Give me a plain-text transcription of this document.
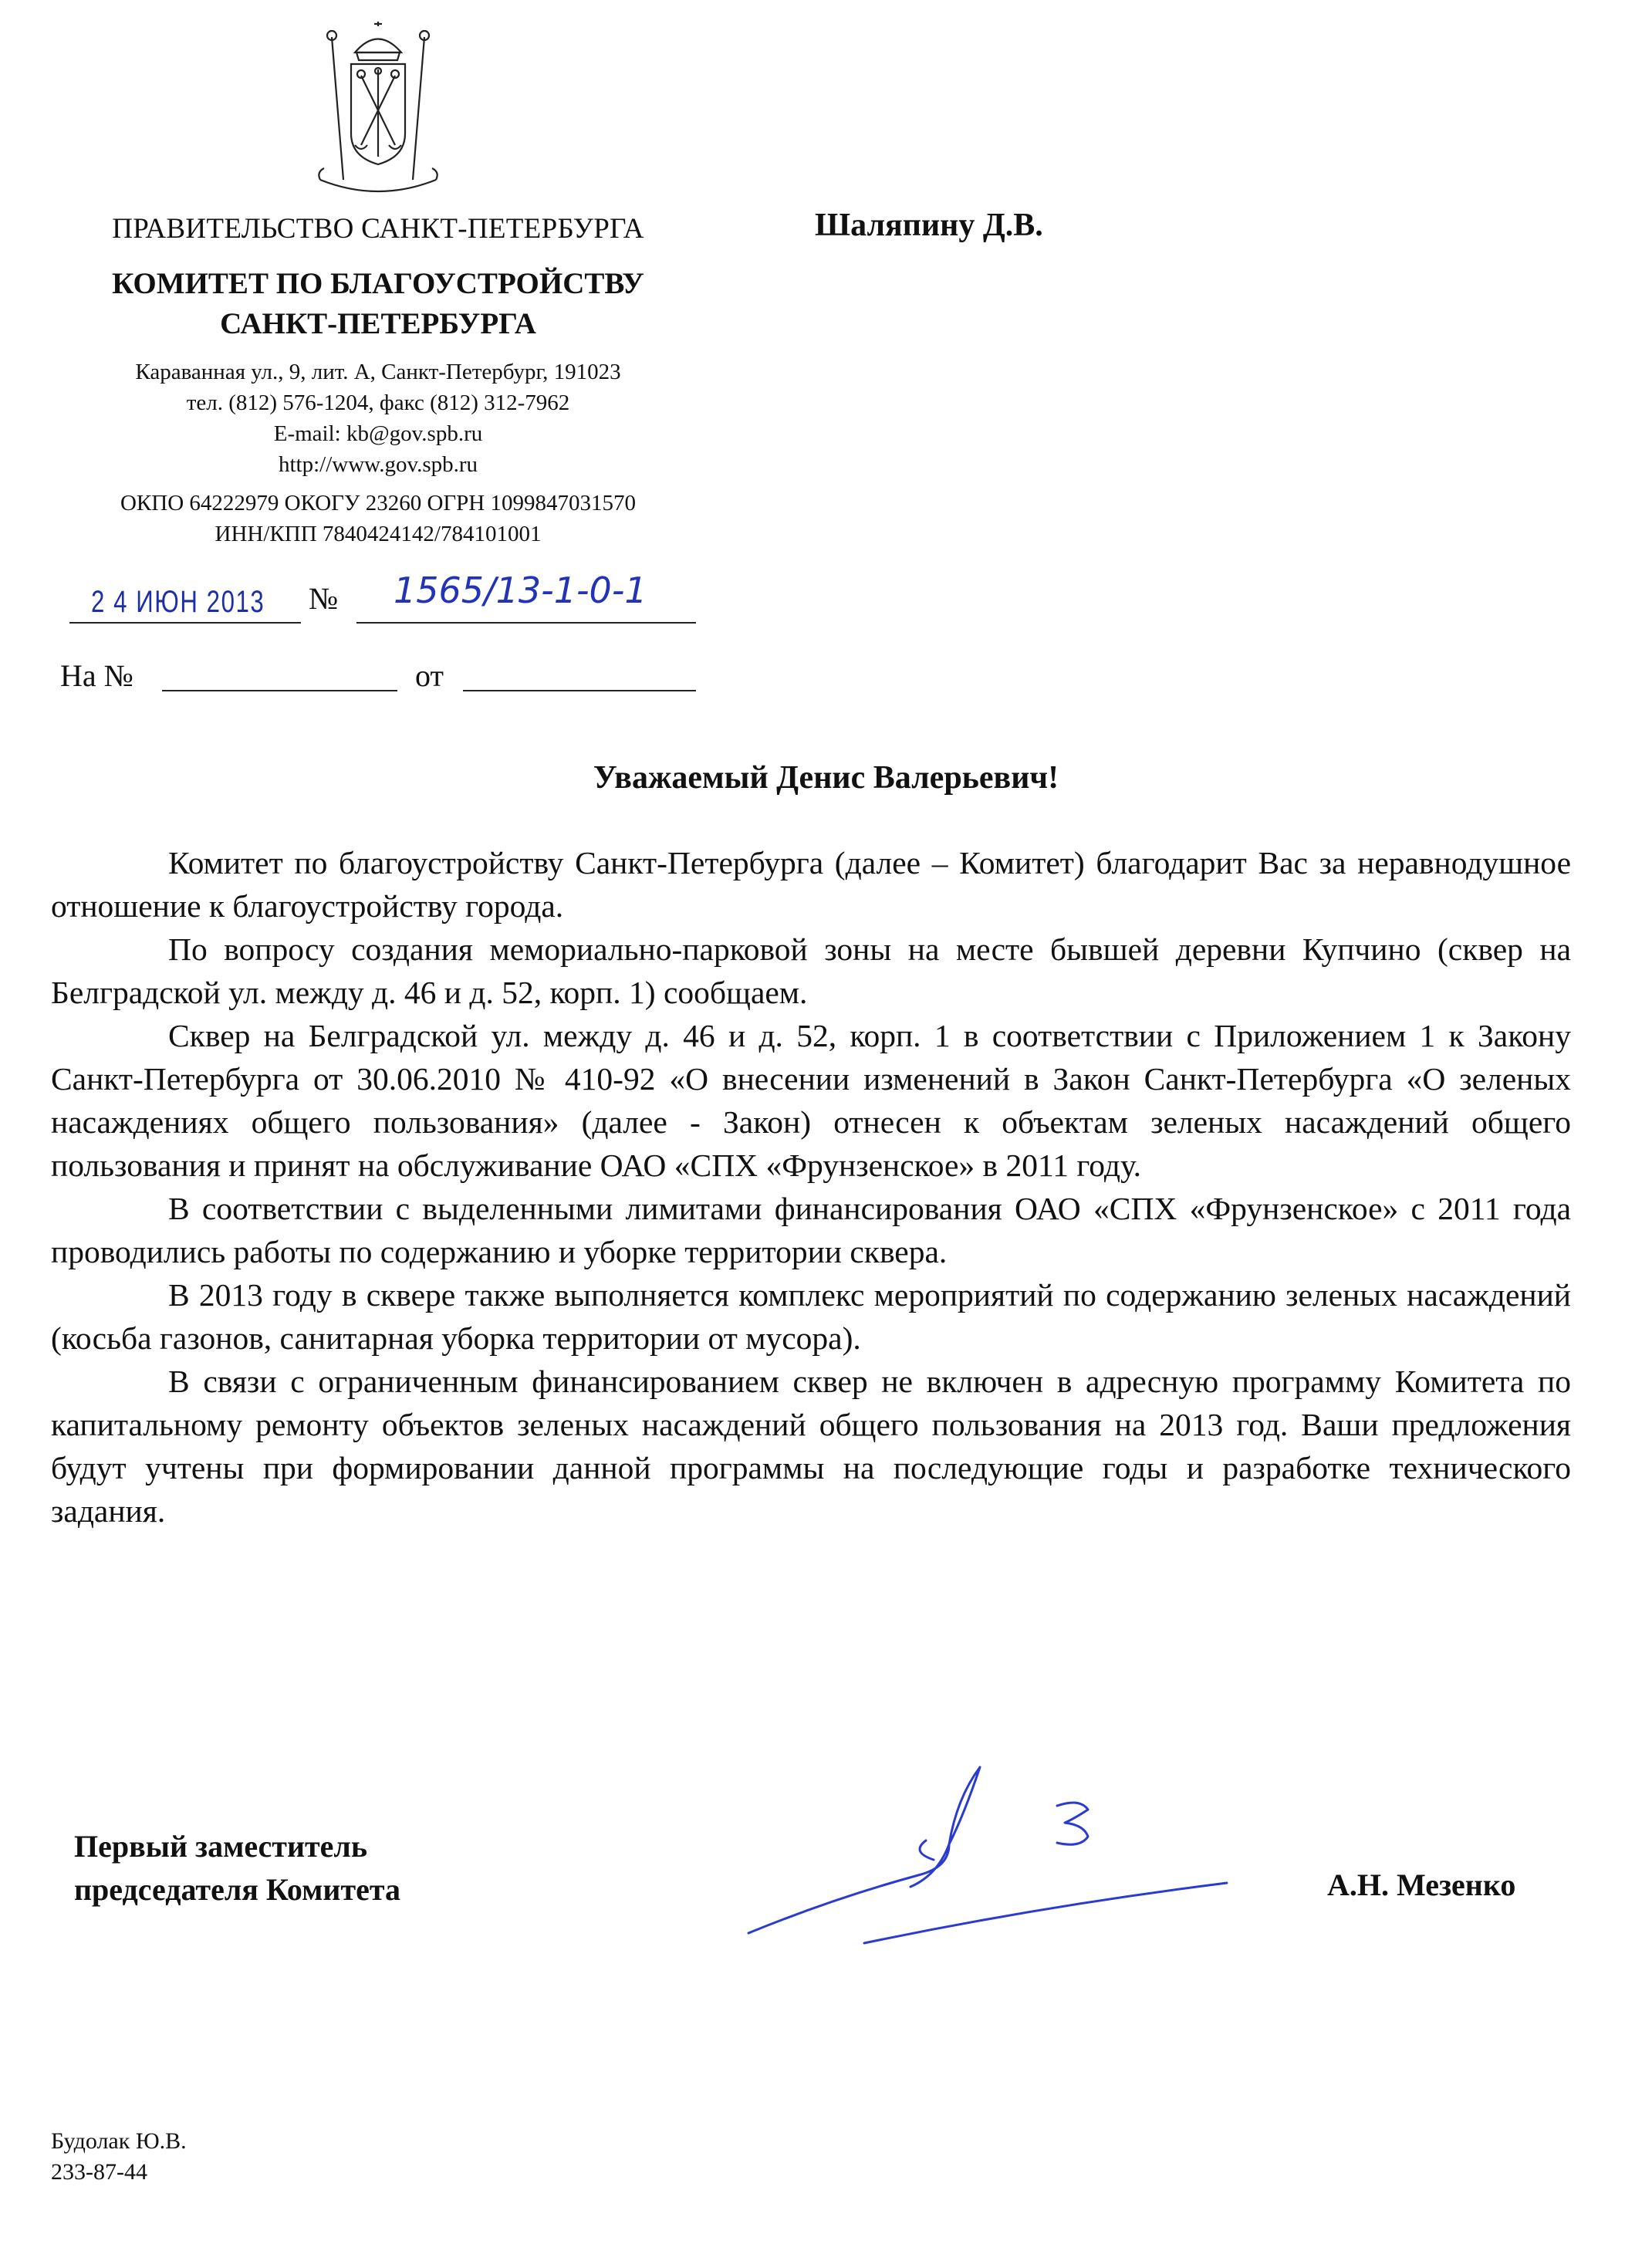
ПРАВИТЕЛЬСТВО САНКТ-ПЕТЕРБУРГА
КОМИТЕТ ПО БЛАГОУСТРОЙСТВУ
САНКТ-ПЕТЕРБУРГА
Караванная ул., 9, лит. А, Санкт-Петербург, 191023
тел. (812) 576-1204, факс (812) 312-7962
E-mail: kb@gov.spb.ru
http://www.gov.spb.ru
ОКПО 64222979 ОКОГУ 23260 ОГРН 1099847031570
ИНН/КПП 7840424142/784101001
Шаляпину Д.В.
2 4 ИЮН 2013 № 1565/13-1-0-1
На №	от
Уважаемый Денис Валерьевич!

Комитет по благоустройству Санкт-Петербурга (далее – Комитет) благодарит Вас за неравнодушное отношение к благоустройству города.

По вопросу создания мемориально-парковой зоны на месте бывшей деревни Купчино (сквер на Белградской ул. между д. 46 и д. 52, корп. 1) сообщаем.

Сквер на Белградской ул. между д. 46 и д. 52, корп. 1 в соответствии с Приложением 1 к Закону Санкт-Петербурга от 30.06.2010 № 410-92 «О внесении изменений в Закон Санкт-Петербурга «О зеленых насаждениях общего пользования» (далее - Закон) отнесен к объектам зеленых насаждений общего пользования и принят на обслуживание ОАО «СПХ «Фрунзенское» в 2011 году.

В соответствии с выделенными лимитами финансирования ОАО «СПХ «Фрунзенское» с 2011 года проводились работы по содержанию и уборке территории сквера.

В 2013 году в сквере также выполняется комплекс мероприятий по содержанию зеленых насаждений (косьба газонов, санитарная уборка территории от мусора).

В связи с ограниченным финансированием сквер не включен в адресную программу Комитета по капитальному ремонту объектов зеленых насаждений общего пользования на 2013 год. Ваши предложения будут учтены при формировании данной программы на последующие годы и разработке технического задания.

Первый заместитель
председателя Комитета	А.Н. Мезенко
Будолак Ю.В.
233-87-44
